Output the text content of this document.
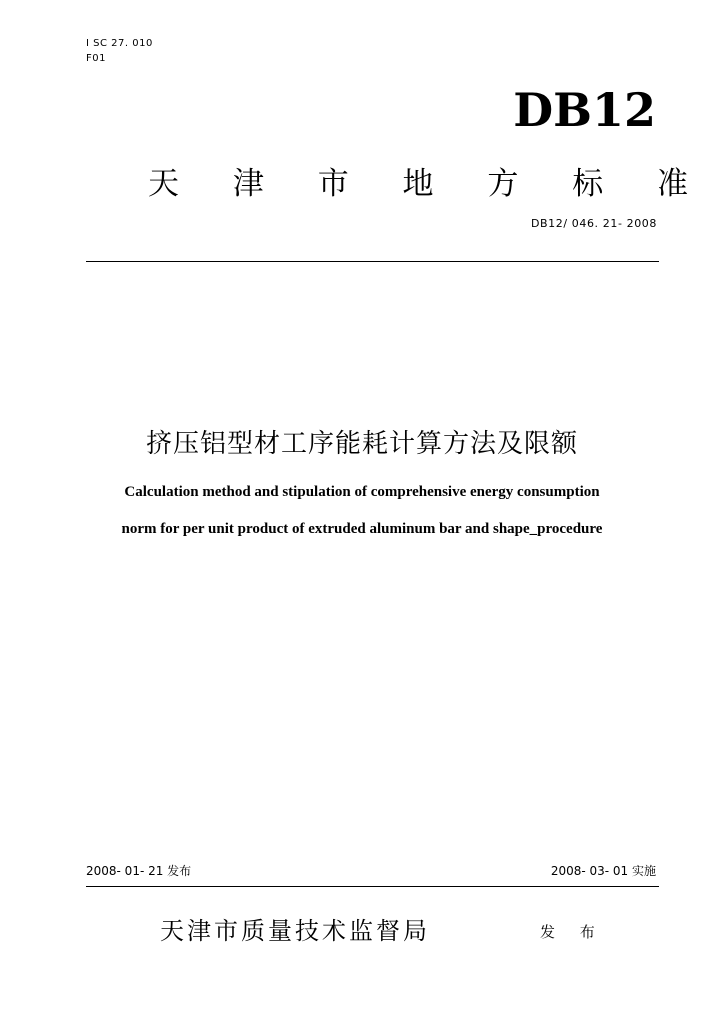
I SC 27. 010
F01
DB12
天 津 市 地 方 标 准
DB12/ 046. 21- 2008
挤压铝型材工序能耗计算方法及限额
Calculation method and stipulation of comprehensive energy consumption
norm for per unit product of extruded aluminum bar and shape_procedure
2008- 01- 21 发布	2008- 03- 01 实施
天津市质量技术监督局	发 布
